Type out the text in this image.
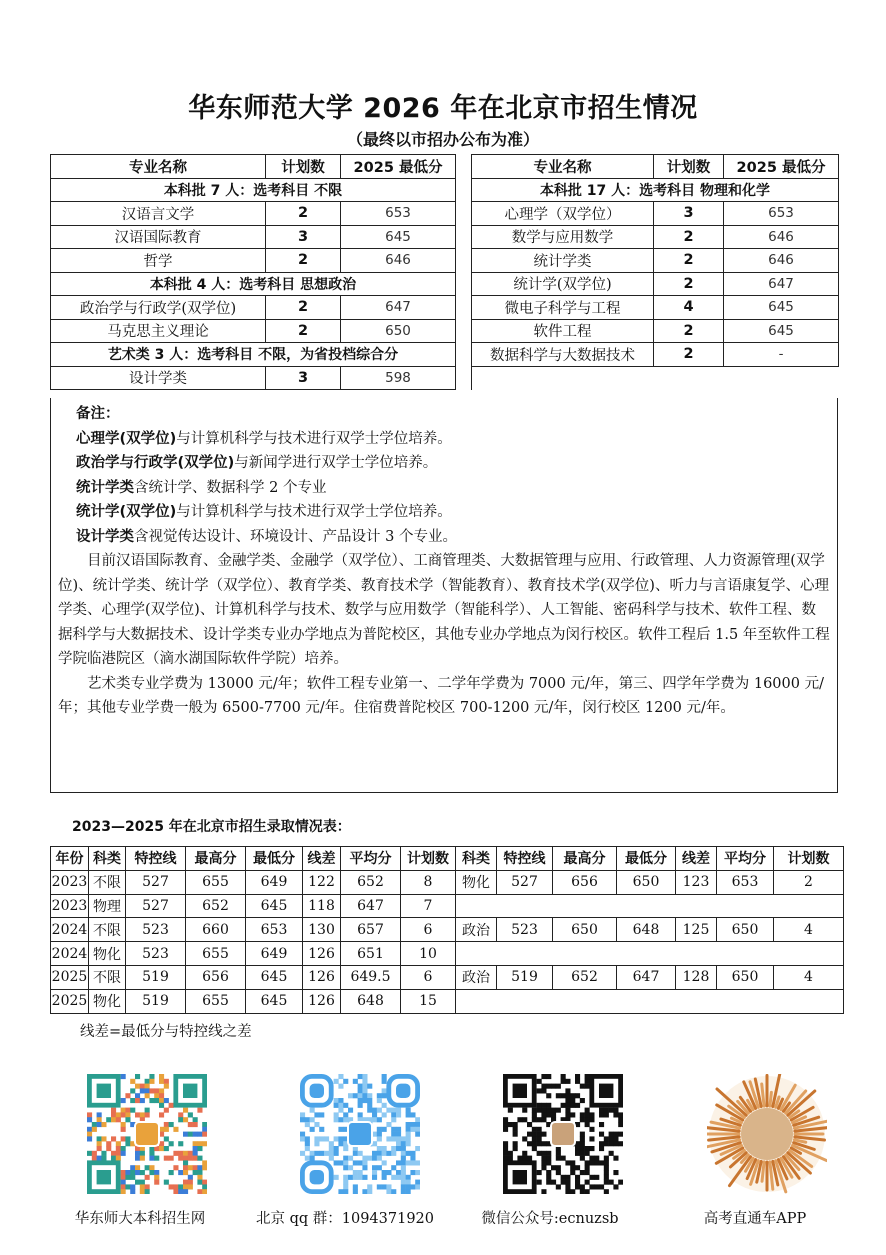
华东师范大学 2026 年在北京市招生情况
（最终以市招办公布为准）
专业名称	计划数	2025 最低分		专业名称	计划数	2025 最低分
本科批 7 人：选考科目 不限				本科批 17 人：选考科目 物理和化学		
汉语言文学	2	653		心理学（双学位）	3	653
汉语国际教育	3	645		数学与应用数学	2	646
哲学	2	646		统计学类	2	646
本科批 4 人：选考科目 思想政治				统计学(双学位)	2	647
政治学与行政学(双学位)	2	647		微电子科学与工程	4	645
马克思主义理论	2	650		软件工程	2	645
艺术类 3 人：选考科目 不限，为省投档综合分				数据科学与大数据技术	2	-
设计学类	3	598				

备注：

心理学(双学位)与计算机科学与技术进行双学士学位培养。

政治学与行政学(双学位)与新闻学进行双学士学位培养。

统计学类含统计学、数据科学 2 个专业

统计学(双学位)与计算机科学与技术进行双学士学位培养。

设计学类含视觉传达设计、环境设计、产品设计 3 个专业。

目前汉语国际教育、金融学类、金融学（双学位）、工商管理类、大数据管理与应用、行政管理、人力资源管理(双学位)、统计学类、统计学（双学位）、教育学类、教育技术学（智能教育）、教育技术学(双学位)、听力与言语康复学、心理学类、心理学(双学位)、计算机科学与技术、数学与应用数学（智能科学）、人工智能、密码科学与技术、软件工程、数据科学与大数据技术、设计学类专业办学地点为普陀校区，其他专业办学地点为闵行校区。软件工程后 1.5 年至软件工程学院临港院区（滴水湖国际软件学院）培养。

艺术类专业学费为 13000 元/年；软件工程专业第一、二学年学费为 7000 元/年，第三、四学年学费为 16000 元/年；其他专业学费一般为 6500-7700 元/年。住宿费普陀校区 700-1200 元/年，闵行校区 1200 元/年。

2023—2025 年在北京市招生录取情况表：
年份	科类	特控线	最高分	最低分	线差	平均分	计划数	科类	特控线	最高分	最低分	线差	平均分	计划数
2023	不限	527	655	649	122	652	8	物化	527	656	650	123	653	2
2023	物理	527	652	645	118	647	7							
2024	不限	523	660	653	130	657	6	政治	523	650	648	125	650	4
2024	物化	523	655	649	126	651	10							
2025	不限	519	656	645	126	649.5	6	政治	519	652	647	128	650	4
2025	物化	519	655	645	126	648	15							
线差=最低分与特控线之差
华东师大本科招生网	北京 qq 群：1094371920	微信公众号:ecnuzsb	高考直通车APP
